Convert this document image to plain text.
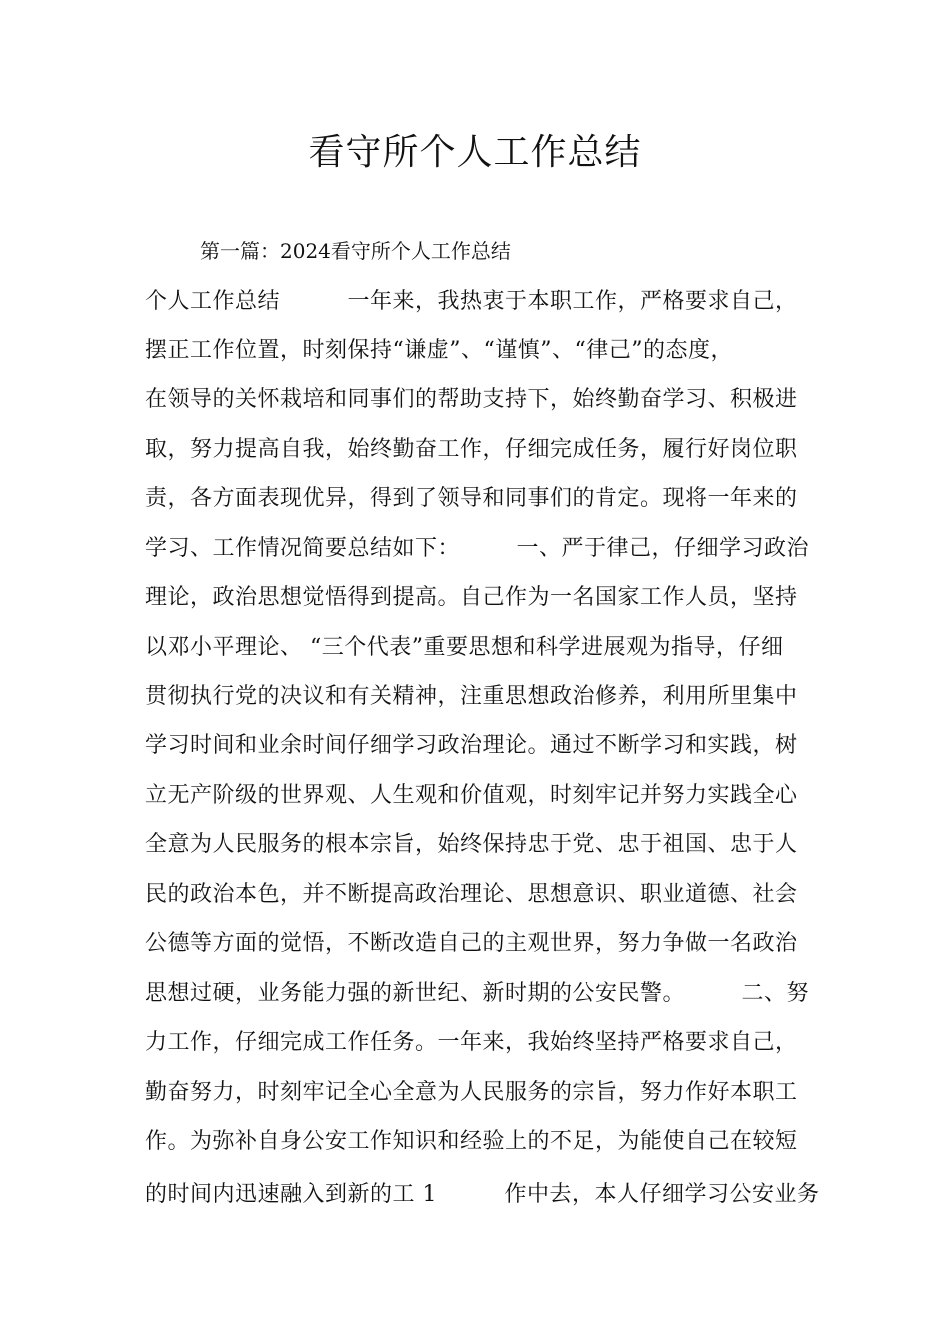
看守所个人工作总结
第一篇：2024看守所个人工作总结
个人工作总结　　　一年来，我热衷于本职工作，严格要求自己，
摆正工作位置，时刻保持“谦虚”、“谨慎”、“律己”的态度，
在领导的关怀栽培和同事们的帮助支持下，始终勤奋学习、积极进
取，努力提高自我，始终勤奋工作，仔细完成任务，履行好岗位职
责，各方面表现优异，得到了领导和同事们的肯定。现将一年来的
学习、工作情况简要总结如下：　　　一、严于律己，仔细学习政治
理论，政治思想觉悟得到提高。自己作为一名国家工作人员，坚持
以邓小平理论、 “三个代表”重要思想和科学进展观为指导，仔细
贯彻执行党的决议和有关精神，注重思想政治修养，利用所里集中
学习时间和业余时间仔细学习政治理论。通过不断学习和实践，树
立无产阶级的世界观、人生观和价值观，时刻牢记并努力实践全心
全意为人民服务的根本宗旨，始终保持忠于党、忠于祖国、忠于人
民的政治本色，并不断提高政治理论、思想意识、职业道德、社会
公德等方面的觉悟，不断改造自己的主观世界，努力争做一名政治
思想过硬，业务能力强的新世纪、新时期的公安民警。　　　二、努
力工作，仔细完成工作任务。一年来，我始终坚持严格要求自己，
勤奋努力，时刻牢记全心全意为人民服务的宗旨，努力作好本职工
作。为弥补自身公安工作知识和经验上的不足，为能使自己在较短
的时间内迅速融入到新的工 1　　　作中去，本人仔细学习公安业务
